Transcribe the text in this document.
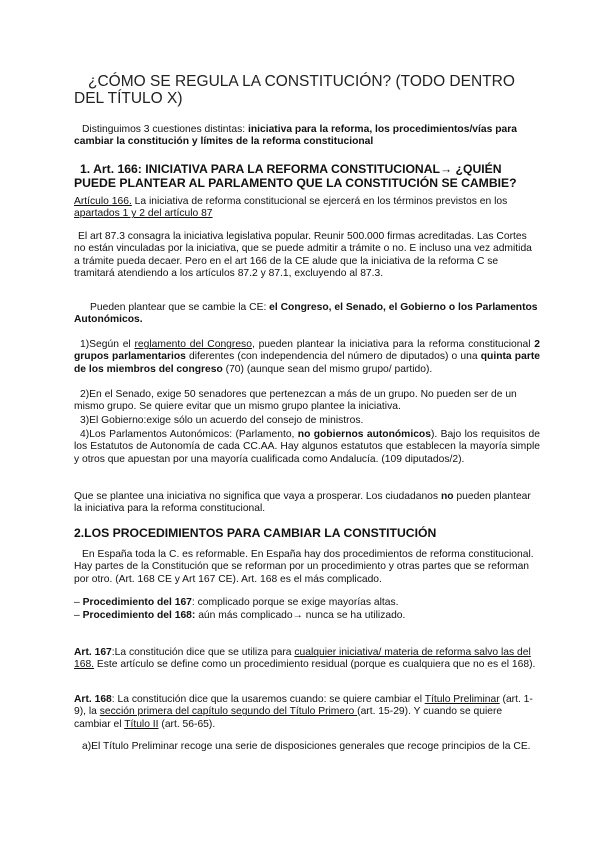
¿CÓMO SE REGULA LA CONSTITUCIÓN? (TODO DENTRO DEL TÍTULO X)

Distinguimos 3 cuestiones distintas: iniciativa para la reforma, los procedimientos/vías para cambiar la constitución y límites de la reforma constitucional

1. Art. 166: INICIATIVA PARA LA REFORMA CONSTITUCIONAL→ ¿QUIÉN PUEDE PLANTEAR AL PARLAMENTO QUE LA CONSTITUCIÓN SE CAMBIE?

Artículo 166. La iniciativa de reforma constitucional se ejercerá en los términos previstos en los apartados 1 y 2 del artículo 87

El art 87.3 consagra la iniciativa legislativa popular. Reunir 500.000 firmas acreditadas. Las Cortes no están vinculadas por la iniciativa, que se puede admitir a trámite o no. E incluso una vez admitida a trámite pueda decaer. Pero en el art 166 de la CE alude que la iniciativa de la reforma C se tramitará atendiendo a los artículos 87.2 y 87.1, excluyendo al 87.3.

Pueden plantear que se cambie la CE: el Congreso, el Senado, el Gobierno o los Parlamentos Autonómicos.

1)Según el reglamento del Congreso, pueden plantear la iniciativa para la reforma constitucional 2 grupos parlamentarios diferentes (con independencia del número de diputados) o una quinta parte de los miembros del congreso (70) (aunque sean del mismo grupo/ partido).

2)En el Senado, exige 50 senadores que pertenezcan a más de un grupo. No pueden ser de un mismo grupo. Se quiere evitar que un mismo grupo plantee la iniciativa.

3)El Gobierno:exige sólo un acuerdo del consejo de ministros.

4)Los Parlamentos Autonómicos: (Parlamento, no gobiernos autonómicos). Bajo los requisitos de los Estatutos de Autonomía de cada CC.AA. Hay algunos estatutos que establecen la mayoría simple y otros que apuestan por una mayoría cualificada como Andalucía. (109 diputados/2).

Que se plantee una iniciativa no significa que vaya a prosperar. Los ciudadanos no pueden plantear la iniciativa para la reforma constitucional.

2.LOS PROCEDIMIENTOS PARA CAMBIAR LA CONSTITUCIÓN

En España toda la C. es reformable. En España hay dos procedimientos de reforma constitucional. Hay partes de la Constitución que se reforman por un procedimiento y otras partes que se reforman por otro. (Art. 168 CE y Art 167 CE). Art. 168 es el más complicado.

– Procedimiento del 167: complicado porque se exige mayorías altas.

– Procedimiento del 168: aún más complicado→ nunca se ha utilizado.

Art. 167:La constitución dice que se utiliza para cualquier iniciativa/ materia de reforma salvo las del 168. Este artículo se define como un procedimiento residual (porque es cualquiera que no es el 168).

Art. 168: La constitución dice que la usaremos cuando: se quiere cambiar el Título Preliminar (art. 1-9), la sección primera del capítulo segundo del Título Primero (art. 15-29). Y cuando se quiere cambiar el Título II (art. 56-65).

a)El Título Preliminar recoge una serie de disposiciones generales que recoge principios de la CE.
